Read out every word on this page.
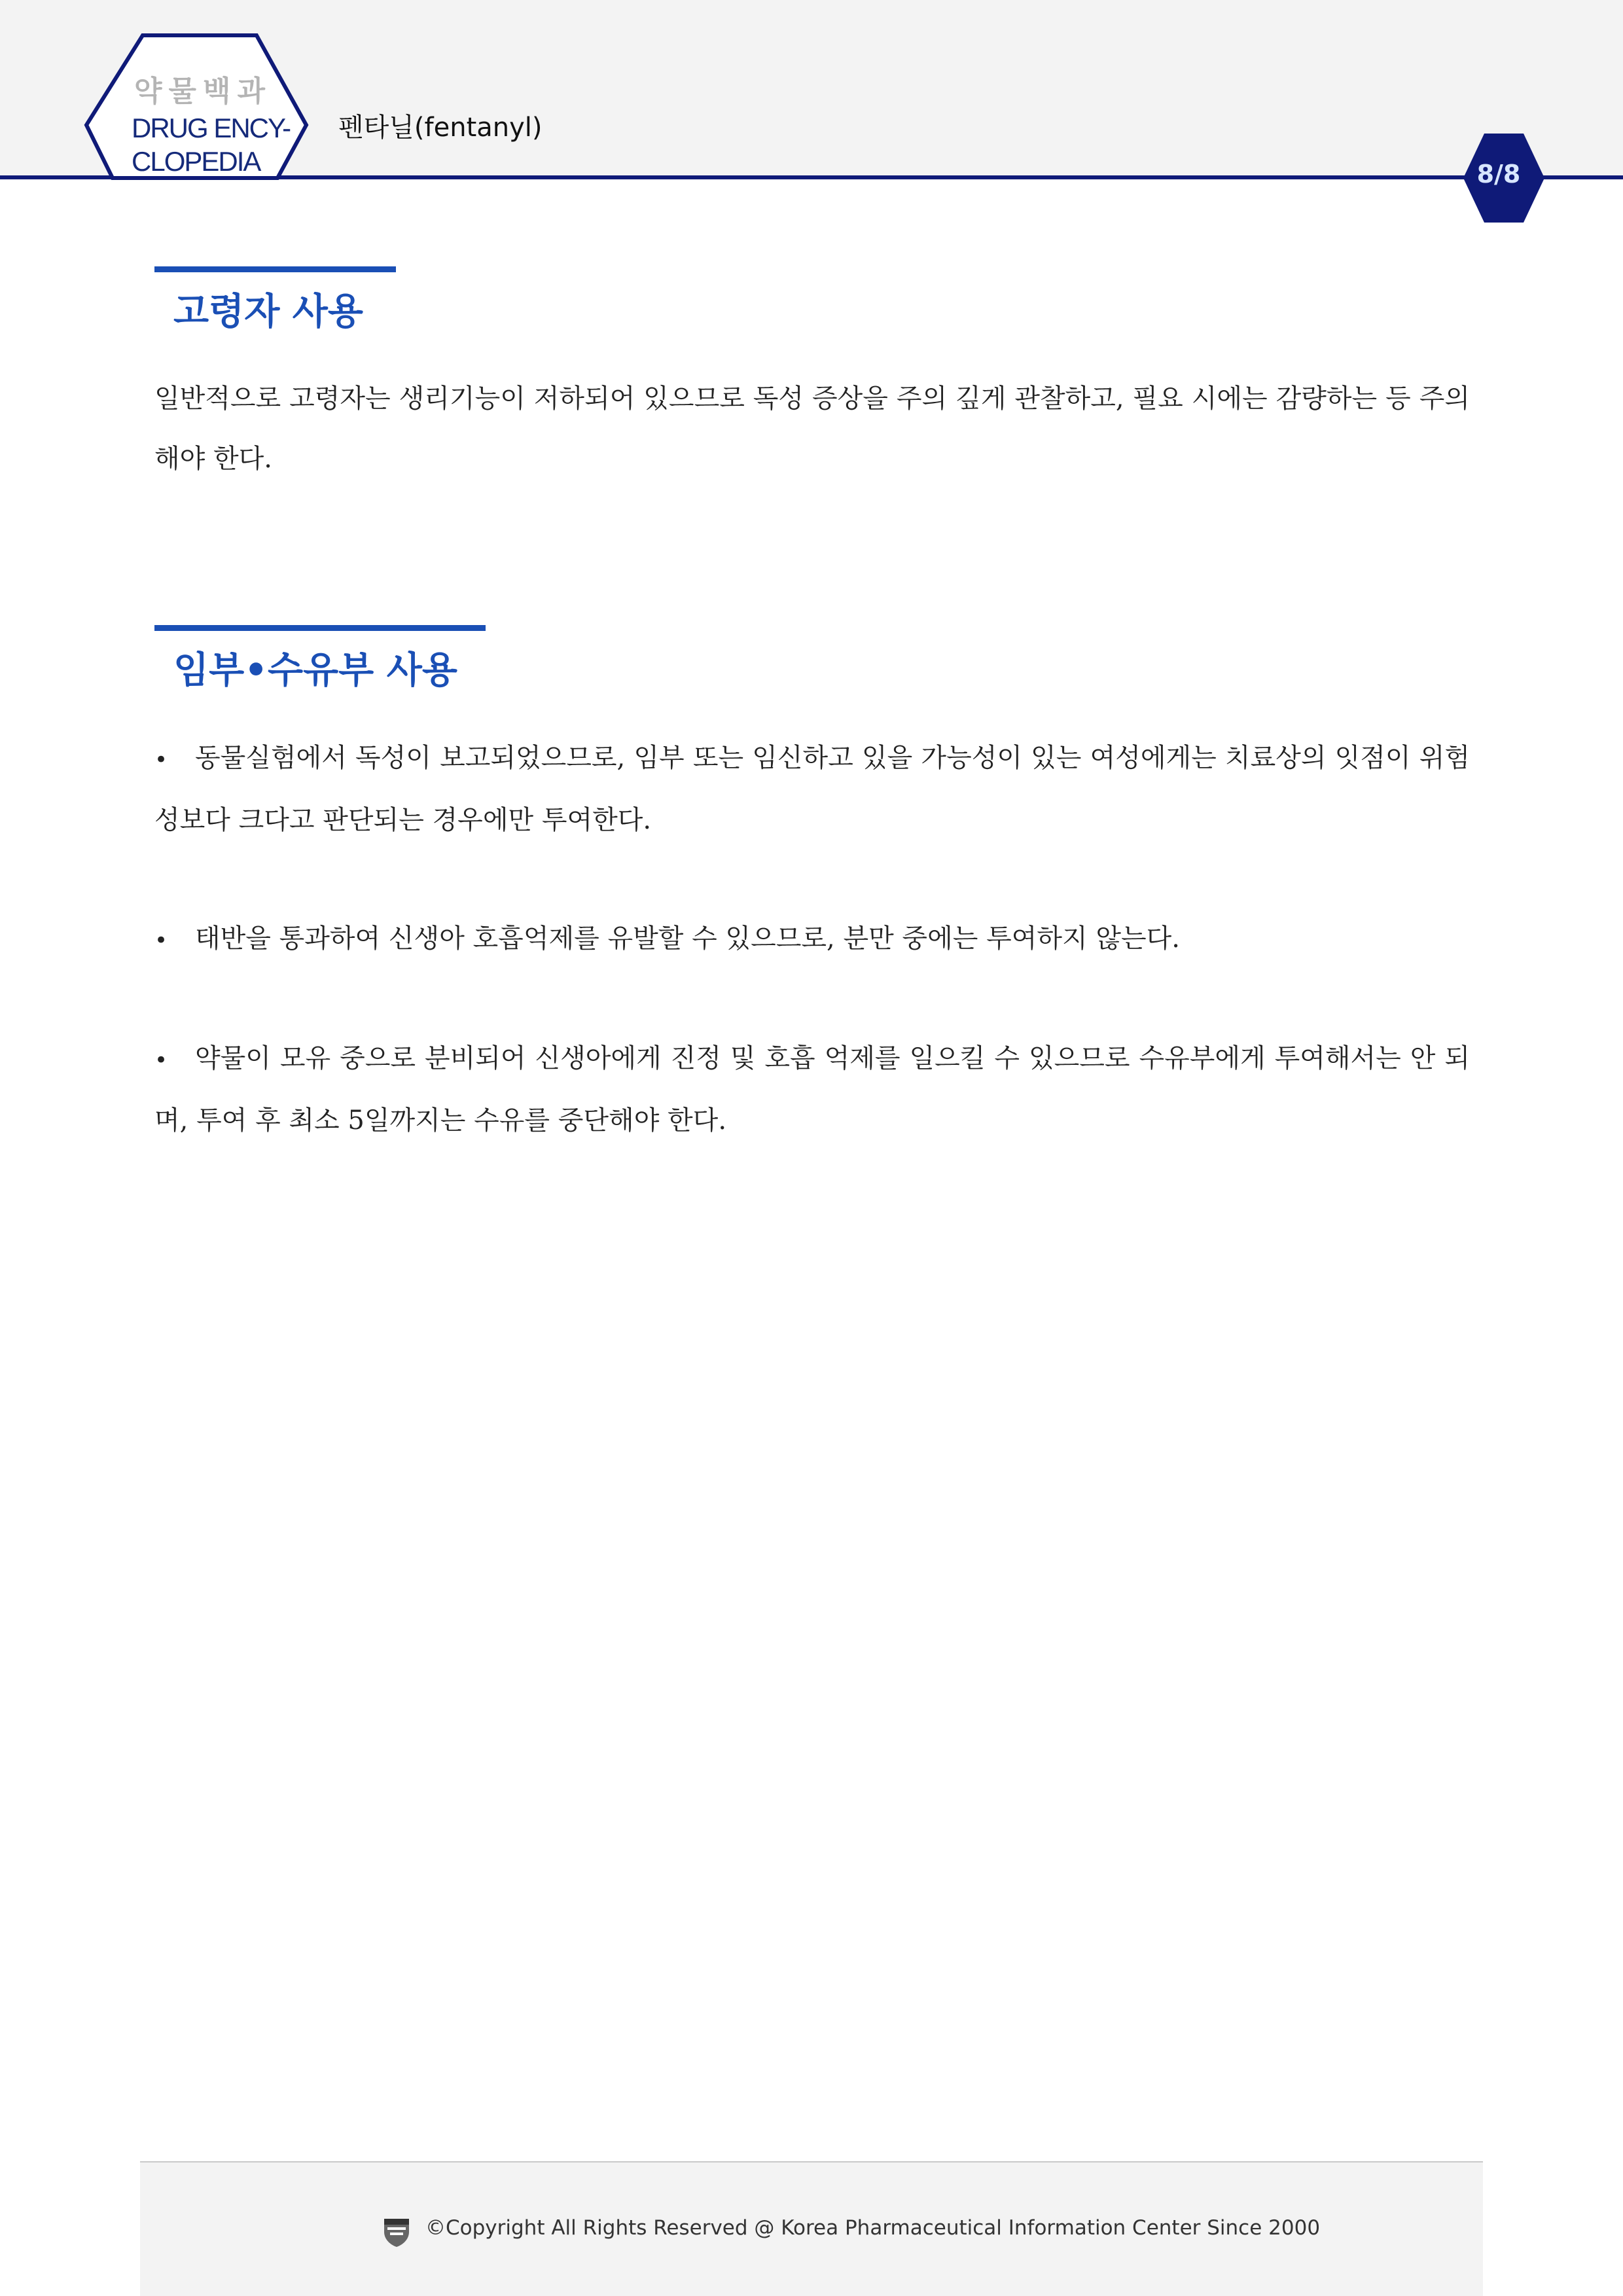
약물백과
DRUG ENCY-
CLOPEDIA
펜타닐(fentanyl)
8/8
고령자 사용
일반적으로 고령자는 생리기능이 저하되어 있으므로 독성 증상을 주의 깊게 관찰하고, 필요 시에는 감량하는 등 주의해야 한다.
임부•수유부 사용
• 동물실험에서 독성이 보고되었으므로, 임부 또는 임신하고 있을 가능성이 있는 여성에게는 치료상의 잇점이 위험성보다 크다고 판단되는 경우에만 투여한다.
• 태반을 통과하여 신생아 호흡억제를 유발할 수 있으므로, 분만 중에는 투여하지 않는다.
• 약물이 모유 중으로 분비되어 신생아에게 진정 및 호흡 억제를 일으킬 수 있으므로 수유부에게 투여해서는 안 되며, 투여 후 최소 5일까지는 수유를 중단해야 한다.
©Copyright All Rights Reserved @ Korea Pharmaceutical Information Center Since 2000
